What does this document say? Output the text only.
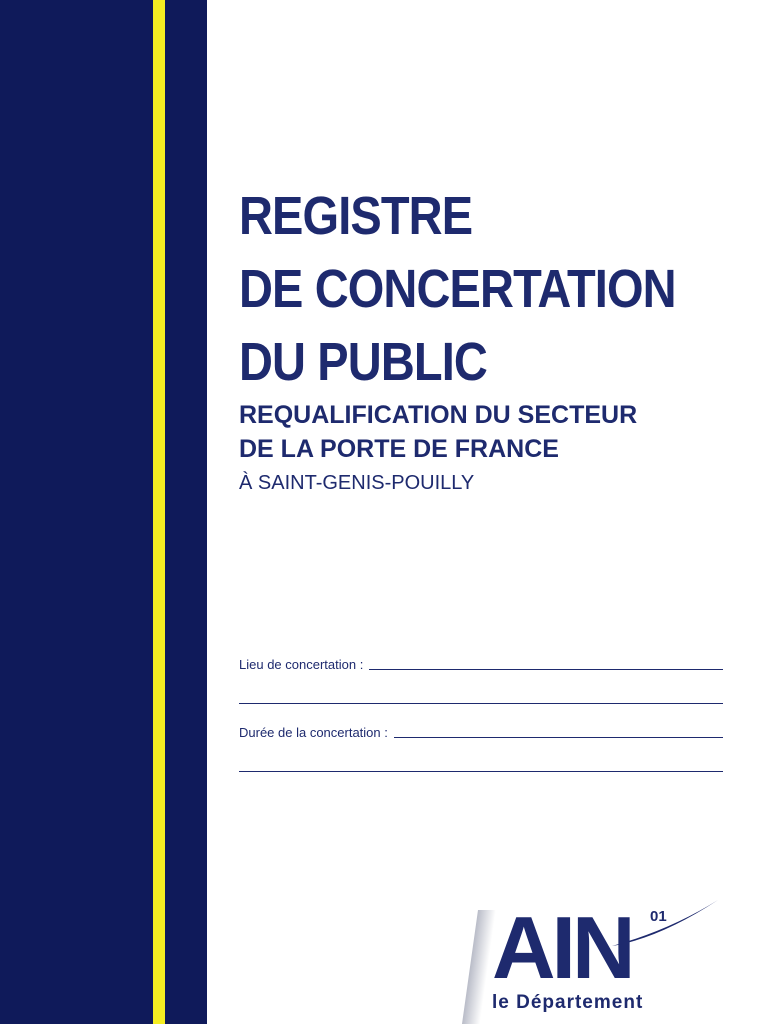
REGISTRE
DE CONCERTATION
DU PUBLIC
REQUALIFICATION DU SECTEUR
DE LA PORTE DE FRANCE
À SAINT-GENIS-POUILLY
Lieu de concertation :
Durée de la concertation :
AIN 01
le Département
